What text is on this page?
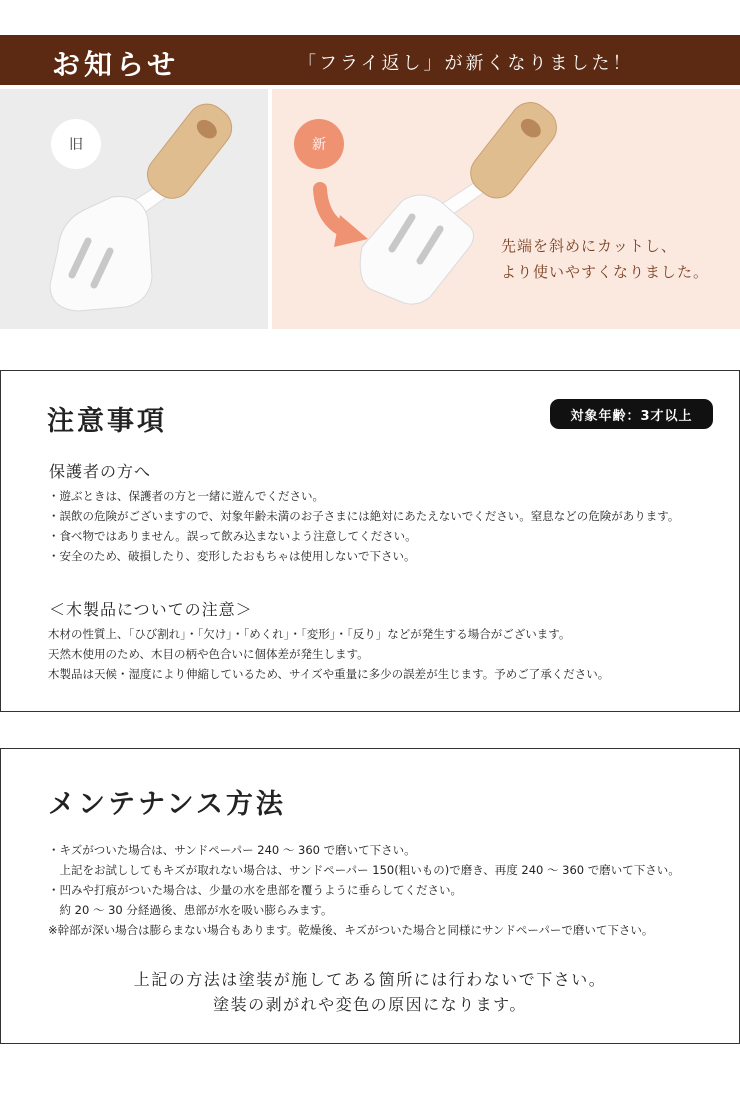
お知らせ	「フライ返し」が新くなりました！
旧	新
先端を斜めにカットし、
より使いやすくなりました。
注意事項	対象年齢：3才以上
保護者の方へ
・遊ぶときは、保護者の方と一緒に遊んでください。
・誤飲の危険がございますので、対象年齢未満のお子さまには絶対にあたえないでください。窒息などの危険があります。
・食べ物ではありません。誤って飲み込まないよう注意してください。
・安全のため、破損したり、変形したおもちゃは使用しないで下さい。
＜木製品についての注意＞
木材の性質上、「ひび割れ」・「欠け」・「めくれ」・「変形」・「反り」などが発生する場合がございます。
天然木使用のため、木目の柄や色合いに個体差が発生します。
木製品は天候・湿度により伸縮しているため、サイズや重量に多少の誤差が生じます。予めご了承ください。
メンテナンス方法
・キズがついた場合は、サンドペーパー 240 ～ 360 で磨いて下さい。
　上記をお試ししてもキズが取れない場合は、サンドペーパー 150(粗いもの)で磨き、再度 240 ～ 360 で磨いて下さい。
・凹みや打痕がついた場合は、少量の水を患部を覆うように垂らしてください。
　約 20 ～ 30 分経過後、患部が水を吸い膨らみます。
※幹部が深い場合は膨らまない場合もあります。乾燥後、キズがついた場合と同様にサンドペーパーで磨いて下さい。
上記の方法は塗装が施してある箇所には行わないで下さい。
塗装の剥がれや変色の原因になります。
